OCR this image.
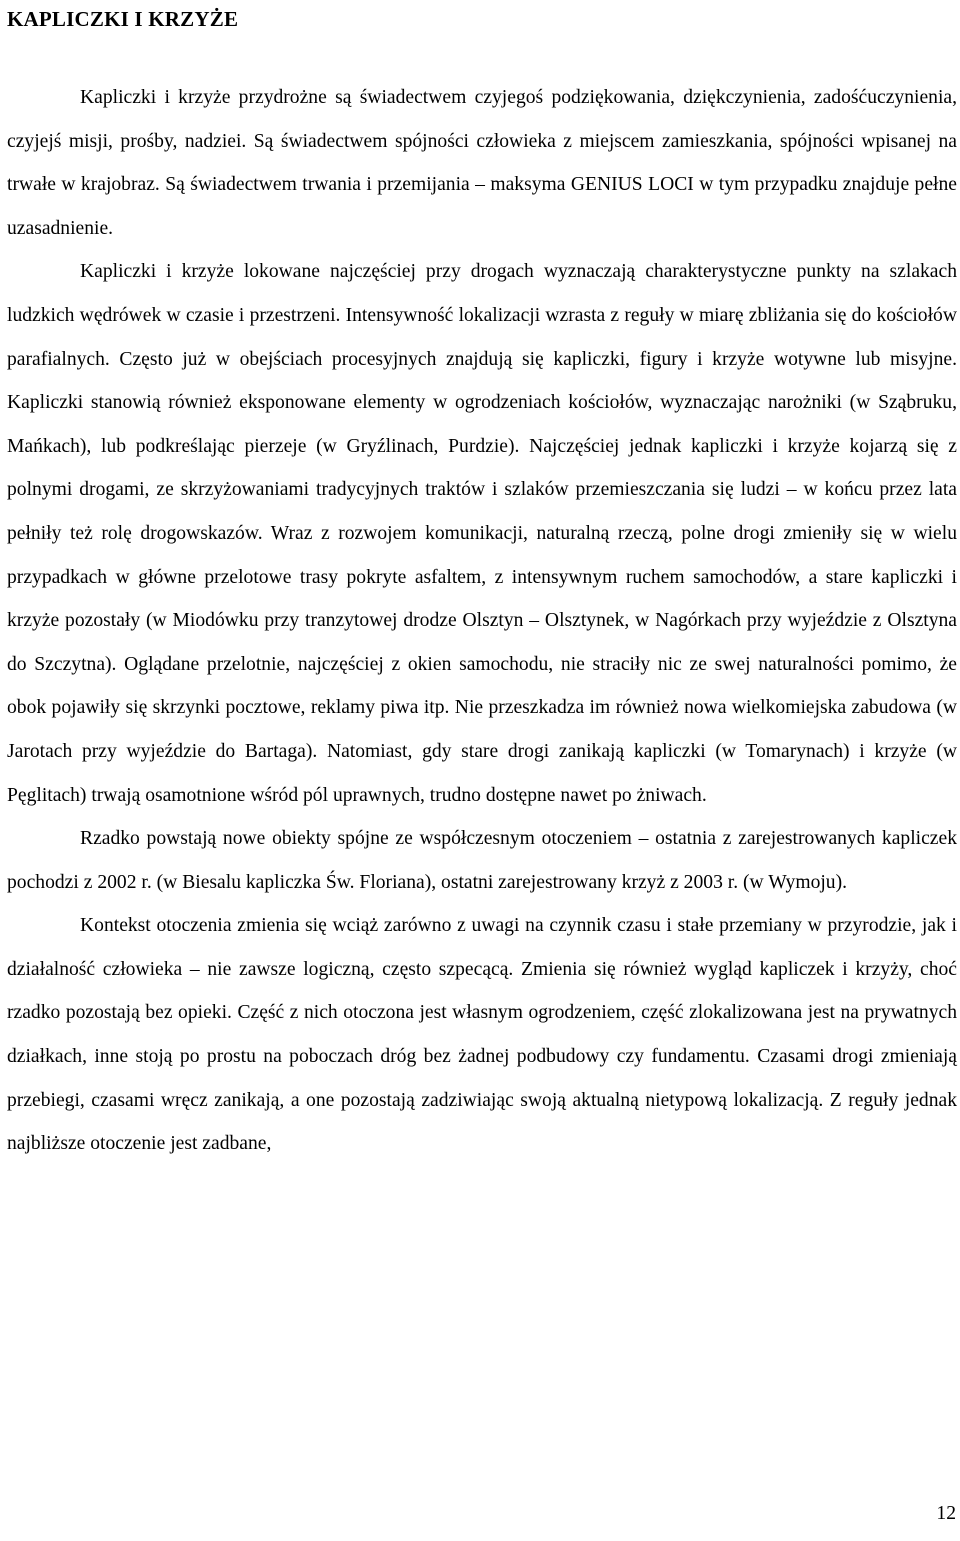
KAPLICZKI I KRZYŻE

Kapliczki i krzyże przydrożne są świadectwem czyjegoś podziękowania, dziękczynienia, zadośćuczynienia, czyjejś misji, prośby, nadziei. Są świadectwem spójności człowieka z miejscem zamieszkania, spójności wpisanej na trwałe w krajobraz. Są świadectwem trwania i przemijania – maksyma GENIUS LOCI w tym przypadku znajduje pełne uzasadnienie.

Kapliczki i krzyże lokowane najczęściej przy drogach wyznaczają charakterystyczne punkty na szlakach ludzkich wędrówek w czasie i przestrzeni. Intensywność lokalizacji wzrasta z reguły w miarę zbliżania się do kościołów parafialnych. Często już w obejściach procesyjnych znajdują się kapliczki, figury i krzyże wotywne lub misyjne. Kapliczki stanowią również eksponowane elementy w ogrodzeniach kościołów, wyznaczając narożniki (w Sząbruku, Mańkach), lub podkreślając pierzeje (w Gryźlinach, Purdzie). Najczęściej jednak kapliczki i krzyże kojarzą się z polnymi drogami, ze skrzyżowaniami tradycyjnych traktów i szlaków przemieszczania się ludzi – w końcu przez lata pełniły też rolę drogowskazów. Wraz z rozwojem komunikacji, naturalną rzeczą, polne drogi zmieniły się w wielu przypadkach w główne przelotowe trasy pokryte asfaltem, z intensywnym ruchem samochodów, a stare kapliczki i krzyże pozostały (w Miodówku przy tranzytowej drodze Olsztyn – Olsztynek, w Nagórkach przy wyjeździe z Olsztyna do Szczytna). Oglądane przelotnie, najczęściej z okien samochodu, nie straciły nic ze swej naturalności pomimo, że obok pojawiły się skrzynki pocztowe, reklamy piwa itp. Nie przeszkadza im również nowa wielkomiejska zabudowa (w Jarotach przy wyjeździe do Bartaga). Natomiast, gdy stare drogi zanikają kapliczki (w Tomarynach) i krzyże (w Pęglitach) trwają osamotnione wśród pól uprawnych, trudno dostępne nawet po żniwach.

Rzadko powstają nowe obiekty spójne ze współczesnym otoczeniem – ostatnia z zarejestrowanych kapliczek pochodzi z 2002 r. (w Biesalu kapliczka Św. Floriana), ostatni zarejestrowany krzyż z 2003 r. (w Wymoju).

Kontekst otoczenia zmienia się wciąż zarówno z uwagi na czynnik czasu i stałe przemiany w przyrodzie, jak i działalność człowieka – nie zawsze logiczną, często szpecącą. Zmienia się również wygląd kapliczek i krzyży, choć rzadko pozostają bez opieki. Część z nich otoczona jest własnym ogrodzeniem, część zlokalizowana jest na prywatnych działkach, inne stoją po prostu na poboczach dróg bez żadnej podbudowy czy fundamentu. Czasami drogi zmieniają przebiegi, czasami wręcz zanikają, a one pozostają zadziwiając swoją aktualną nietypową lokalizacją. Z reguły jednak najbliższe otoczenie jest zadbane,

12
